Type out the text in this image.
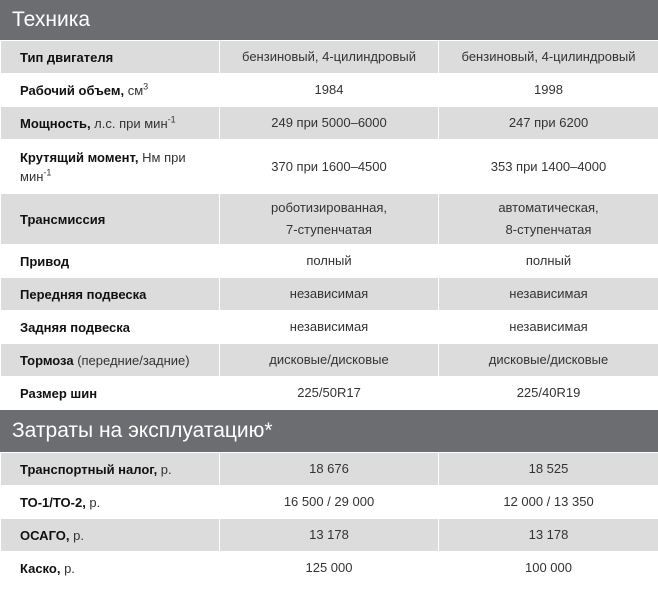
Техника
Тип двигателя	бензиновый, 4-цилиндровый	бензиновый, 4-цилиндровый
Рабочий объем, $см^3$	1984	1998
Мощность, л.с. при мин$^{-1}$	249 при 5000–6000	247 при 6200
Крутящий момент, Нм при мин$^{-1}$	370 при 1600–4500	353 при 1400–4000
Трансмиссия	роботизированная, 7-ступенчатая	автоматическая, 8-ступенчатая
Привод	полный	полный
Передняя подвеска	независимая	независимая
Задняя подвеска	независимая	независимая
Тормоза (передние/задние)	дисковые/дисковые	дисковые/дисковые
Размер шин	225/50R17	225/40R19
Затраты на эксплуатацию*
Транспортный налог, р.	18 676	18 525
ТО-1/ТО-2, р.	16 500 / 29 000	12 000 / 13 350
ОСАГО, р.	13 178	13 178
Каско, р.	125 000	100 000
